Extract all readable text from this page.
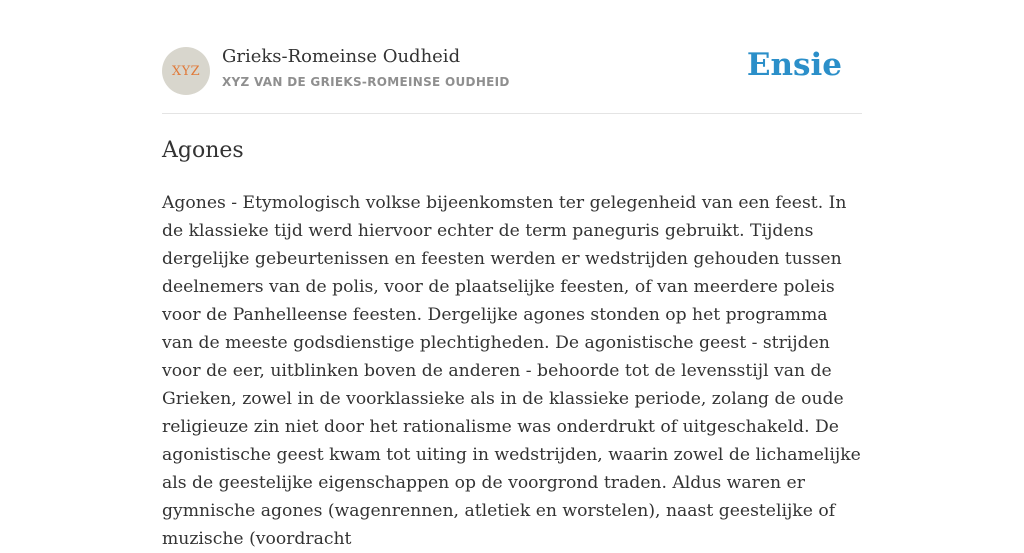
XYZ
Grieks-Romeinse Oudheid
XYZ VAN DE GRIEKS-ROMEINSE OUDHEID	Ensie
Agones

Agones - Etymologisch volkse bijeenkomsten ter gelegenheid van een feest. In de klassieke tijd werd hiervoor echter de term paneguris gebruikt. Tijdens dergelijke gebeurtenissen en feesten werden er wedstrijden gehouden tussen deelnemers van de polis, voor de plaatselijke feesten, of van meerdere poleis voor de Panhelleense feesten. Dergelijke agones stonden op het programma van de meeste godsdienstige plechtigheden. De agonistische geest - strijden voor de eer, uitblinken boven de anderen - behoorde tot de levensstijl van de Grieken, zowel in de voorklassieke als in de klassieke periode, zolang de oude religieuze zin niet door het rationalisme was onderdrukt of uitgeschakeld. De agonistische geest kwam tot uiting in wedstrijden, waarin zowel de lichamelijke als de geestelijke eigenschappen op de voorgrond traden. Aldus waren er gymnische agones (wagenrennen, atletiek en worstelen), naast geestelijke of muzische (voordracht
